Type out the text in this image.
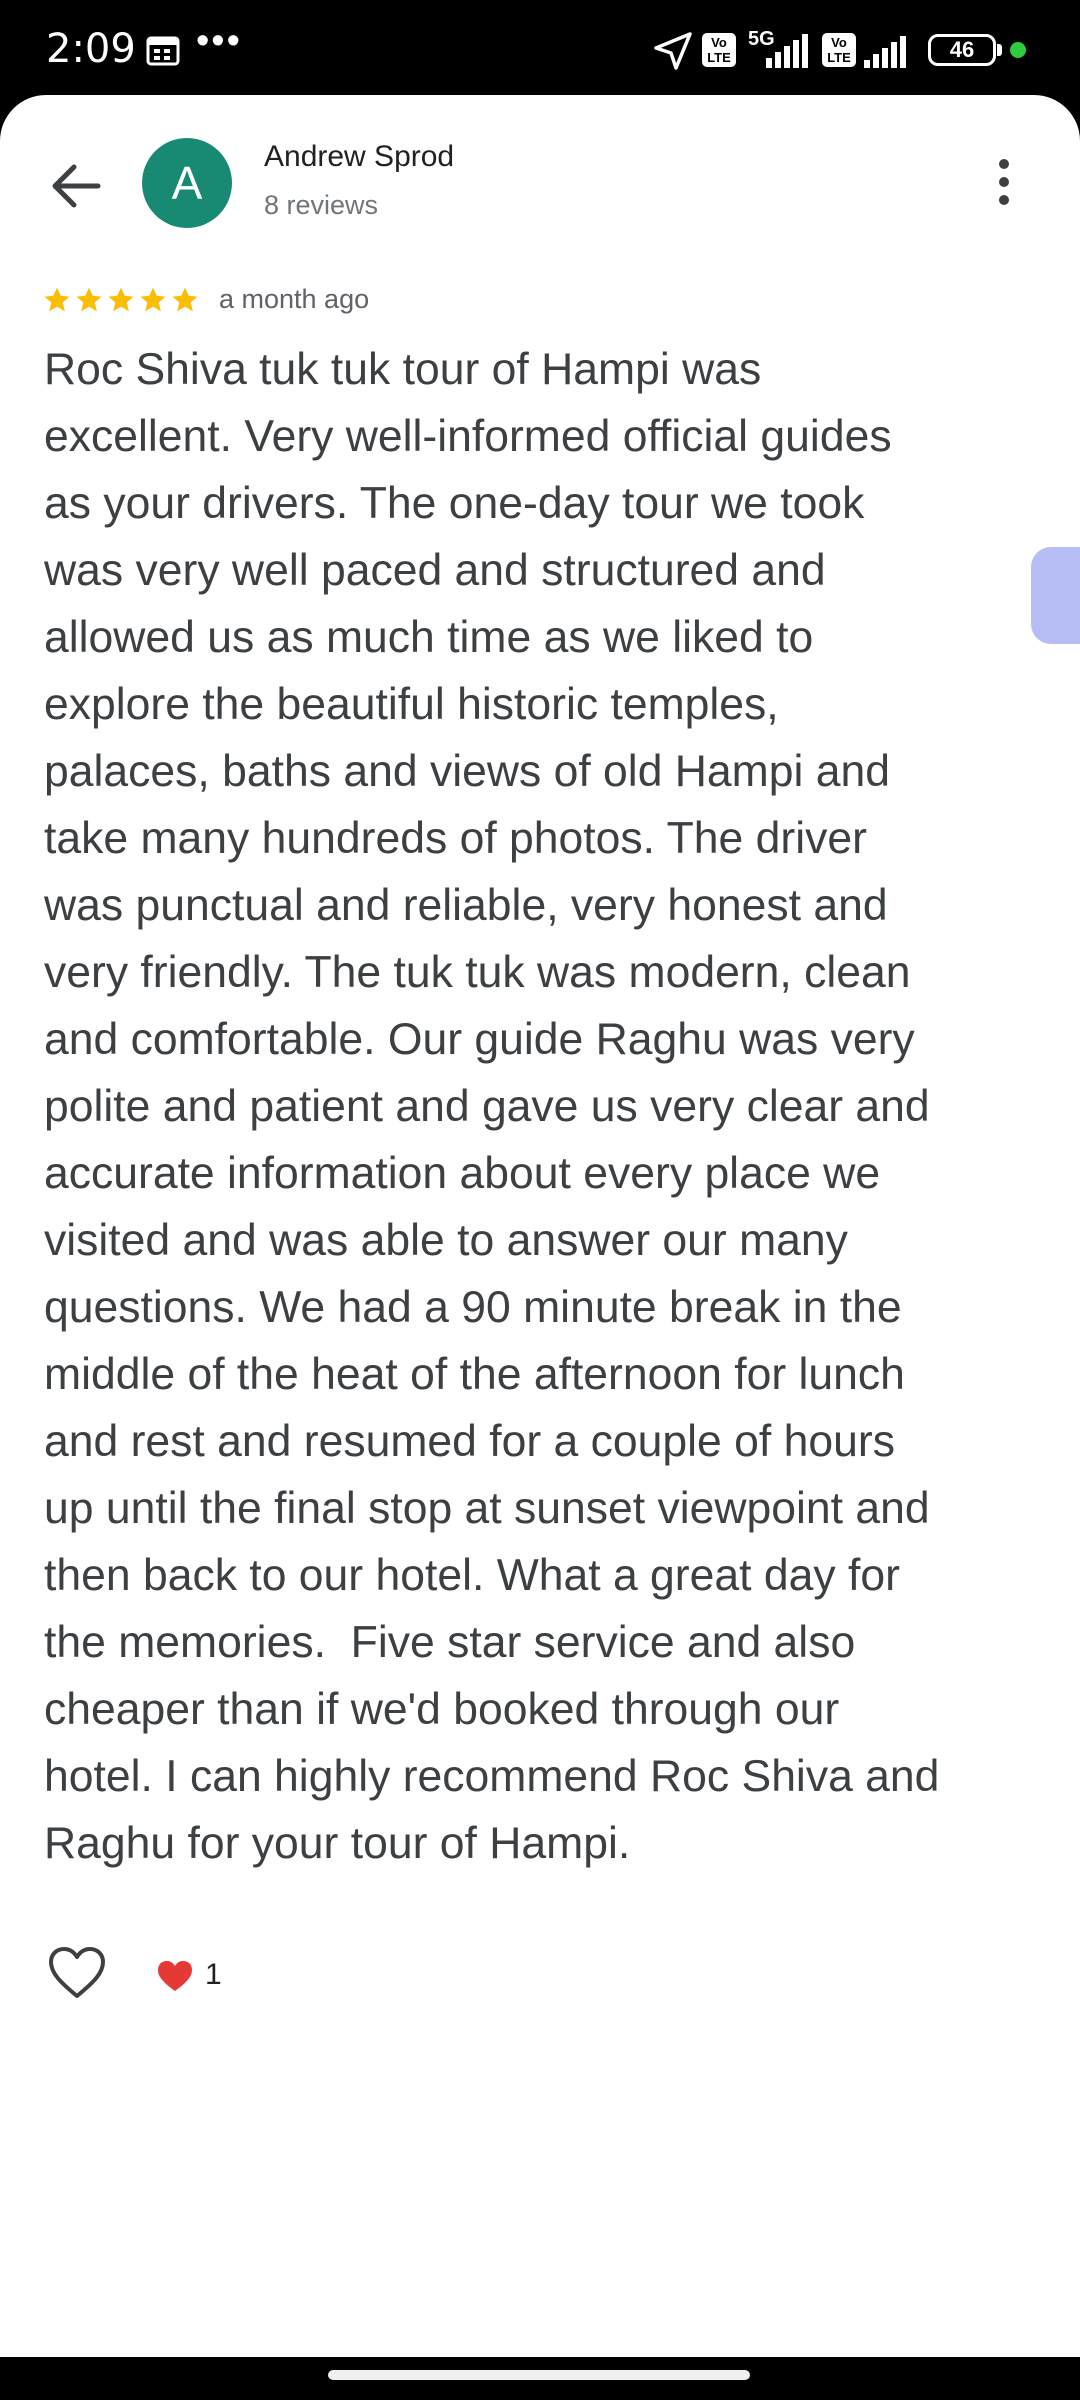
2:09 •••	Vo
LTE
5G	Vo
LTE	46
A
Andrew Sprod
8 reviews
a month ago

Roc Shiva tuk tuk tour of Hampi was
excellent. Very well-informed official guides
as your drivers. The one-day tour we took
was very well paced and structured and
allowed us as much time as we liked to
explore the beautiful historic temples,
palaces, baths and views of old Hampi and
take many hundreds of photos. The driver
was punctual and reliable, very honest and
very friendly. The tuk tuk was modern, clean
and comfortable. Our guide Raghu was very
polite and patient and gave us very clear and
accurate information about every place we
visited and was able to answer our many
questions. We had a 90 minute break in the
middle of the heat of the afternoon for lunch
and rest and resumed for a couple of hours
up until the final stop at sunset viewpoint and
then back to our hotel. What a great day for
the memories.  Five star service and also
cheaper than if we'd booked through our
hotel. I can highly recommend Roc Shiva and
Raghu for your tour of Hampi.

1
